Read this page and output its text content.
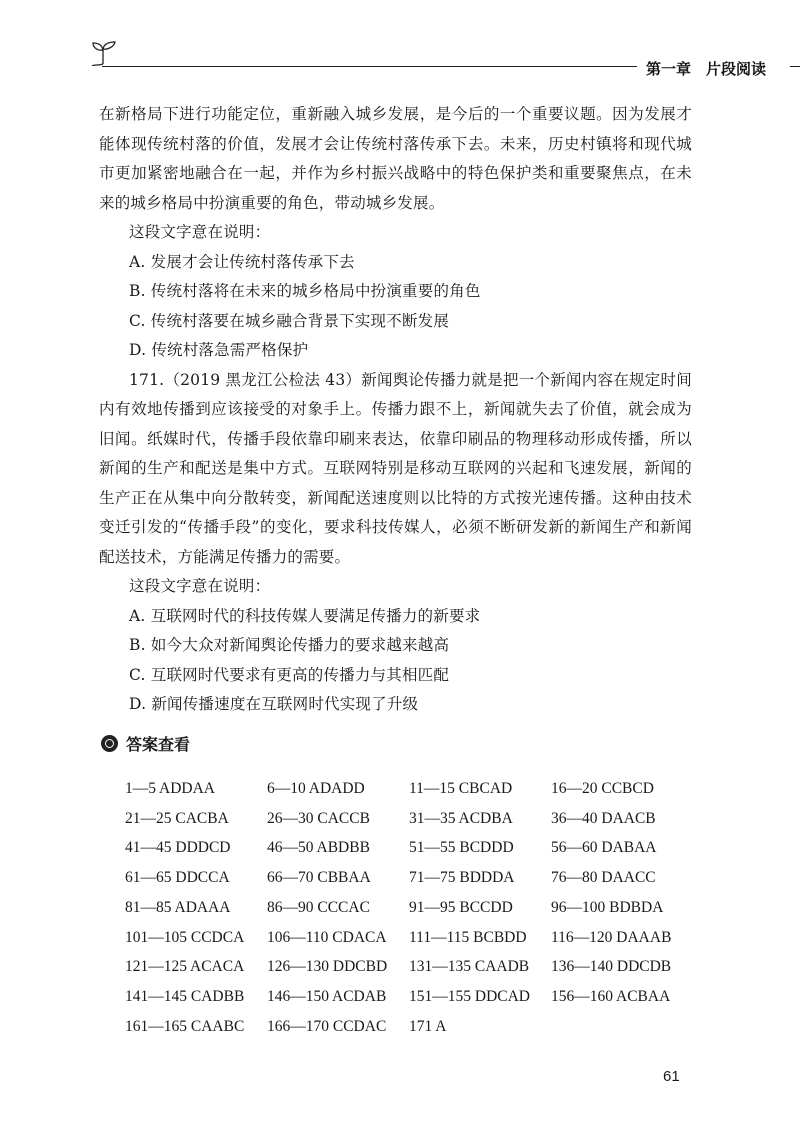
第一章　片段阅读

在新格局下进行功能定位，重新融入城乡发展，是今后的一个重要议题。因为发展才能体现传统村落的价值，发展才会让传统村落传承下去。未来，历史村镇将和现代城市更加紧密地融合在一起，并作为乡村振兴战略中的特色保护类和重要聚焦点，在未来的城乡格局中扮演重要的角色，带动城乡发展。

这段文字意在说明：

A. 发展才会让传统村落传承下去

B. 传统村落将在未来的城乡格局中扮演重要的角色

C. 传统村落要在城乡融合背景下实现不断发展

D. 传统村落急需严格保护

171.（2019 黑龙江公检法 43）新闻舆论传播力就是把一个新闻内容在规定时间内有效地传播到应该接受的对象手上。传播力跟不上，新闻就失去了价值，就会成为旧闻。纸媒时代，传播手段依靠印刷来表达，依靠印刷品的物理移动形成传播，所以新闻的生产和配送是集中方式。互联网特别是移动互联网的兴起和飞速发展，新闻的生产正在从集中向分散转变，新闻配送速度则以比特的方式按光速传播。这种由技术变迁引发的“传播手段”的变化，要求科技传媒人，必须不断研发新的新闻生产和新闻配送技术，方能满足传播力的需要。

这段文字意在说明：

A. 互联网时代的科技传媒人要满足传播力的新要求

B. 如今大众对新闻舆论传播力的要求越来越高

C. 互联网时代要求有更高的传播力与其相匹配

D. 新闻传播速度在互联网时代实现了升级

答案查看
1—5 ADDAA	6—10 ADADD	11—15 CBCAD	16—20 CCBCD
21—25 CACBA	26—30 CACCB	31—35 ACDBA	36—40 DAACB
41—45 DDDCD	46—50 ABDBB	51—55 BCDDD	56—60 DABAA
61—65 DDCCA	66—70 CBBAA	71—75 BDDDA	76—80 DAACC
81—85 ADAAA	86—90 CCCAC	91—95 BCCDD	96—100 BDBDA
101—105 CCDCA	106—110 CDACA	111—115 BCBDD	116—120 DAAAB
121—125 ACACA	126—130 DDCBD	131—135 CAADB	136—140 DDCDB
141—145 CADBB	146—150 ACDAB	151—155 DDCAD	156—160 ACBAA
161—165 CAABC	166—170 CCDAC	171 A
61
